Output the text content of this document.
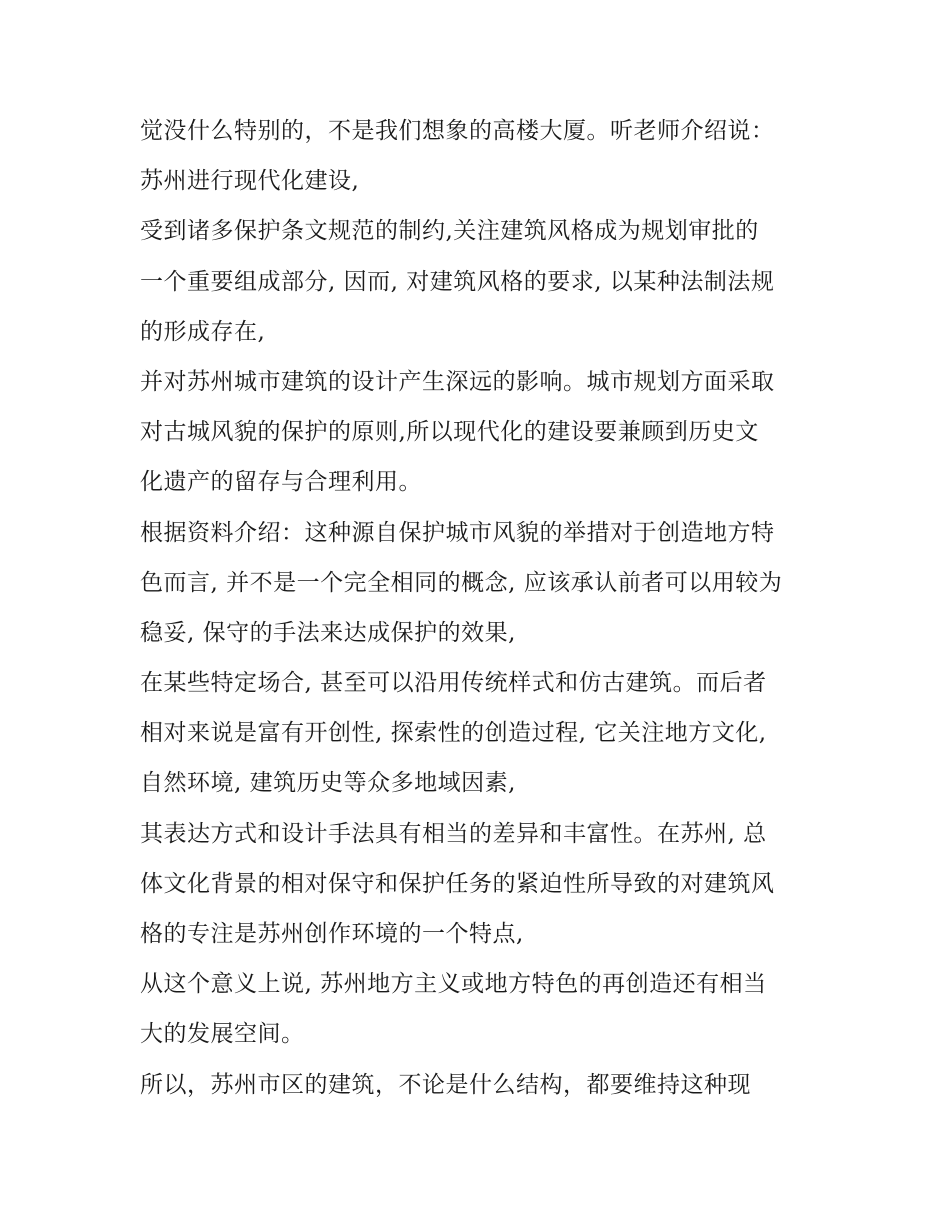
觉没什么特别的，不是我们想象的高楼大厦。听老师介绍说：
苏州进行现代化建设,
受到诸多保护条文规范的制约,关注建筑风格成为规划审批的
一个重要组成部分, 因而, 对建筑风格的要求, 以某种法制法规
的形成存在,
并对苏州城市建筑的设计产生深远的影响。城市规划方面采取
对古城风貌的保护的原则,所以现代化的建设要兼顾到历史文
化遗产的留存与合理利用。
根据资料介绍：这种源自保护城市风貌的举措对于创造地方特
色而言, 并不是一个完全相同的概念, 应该承认前者可以用较为
稳妥, 保守的手法来达成保护的效果,
在某些特定场合, 甚至可以沿用传统样式和仿古建筑。而后者
相对来说是富有开创性, 探索性的创造过程, 它关注地方文化,
自然环境, 建筑历史等众多地域因素,
其表达方式和设计手法具有相当的差异和丰富性。在苏州, 总
体文化背景的相对保守和保护任务的紧迫性所导致的对建筑风
格的专注是苏州创作环境的一个特点,
从这个意义上说, 苏州地方主义或地方特色的再创造还有相当
大的发展空间。
所以，苏州市区的建筑，不论是什么结构，都要维持这种现
